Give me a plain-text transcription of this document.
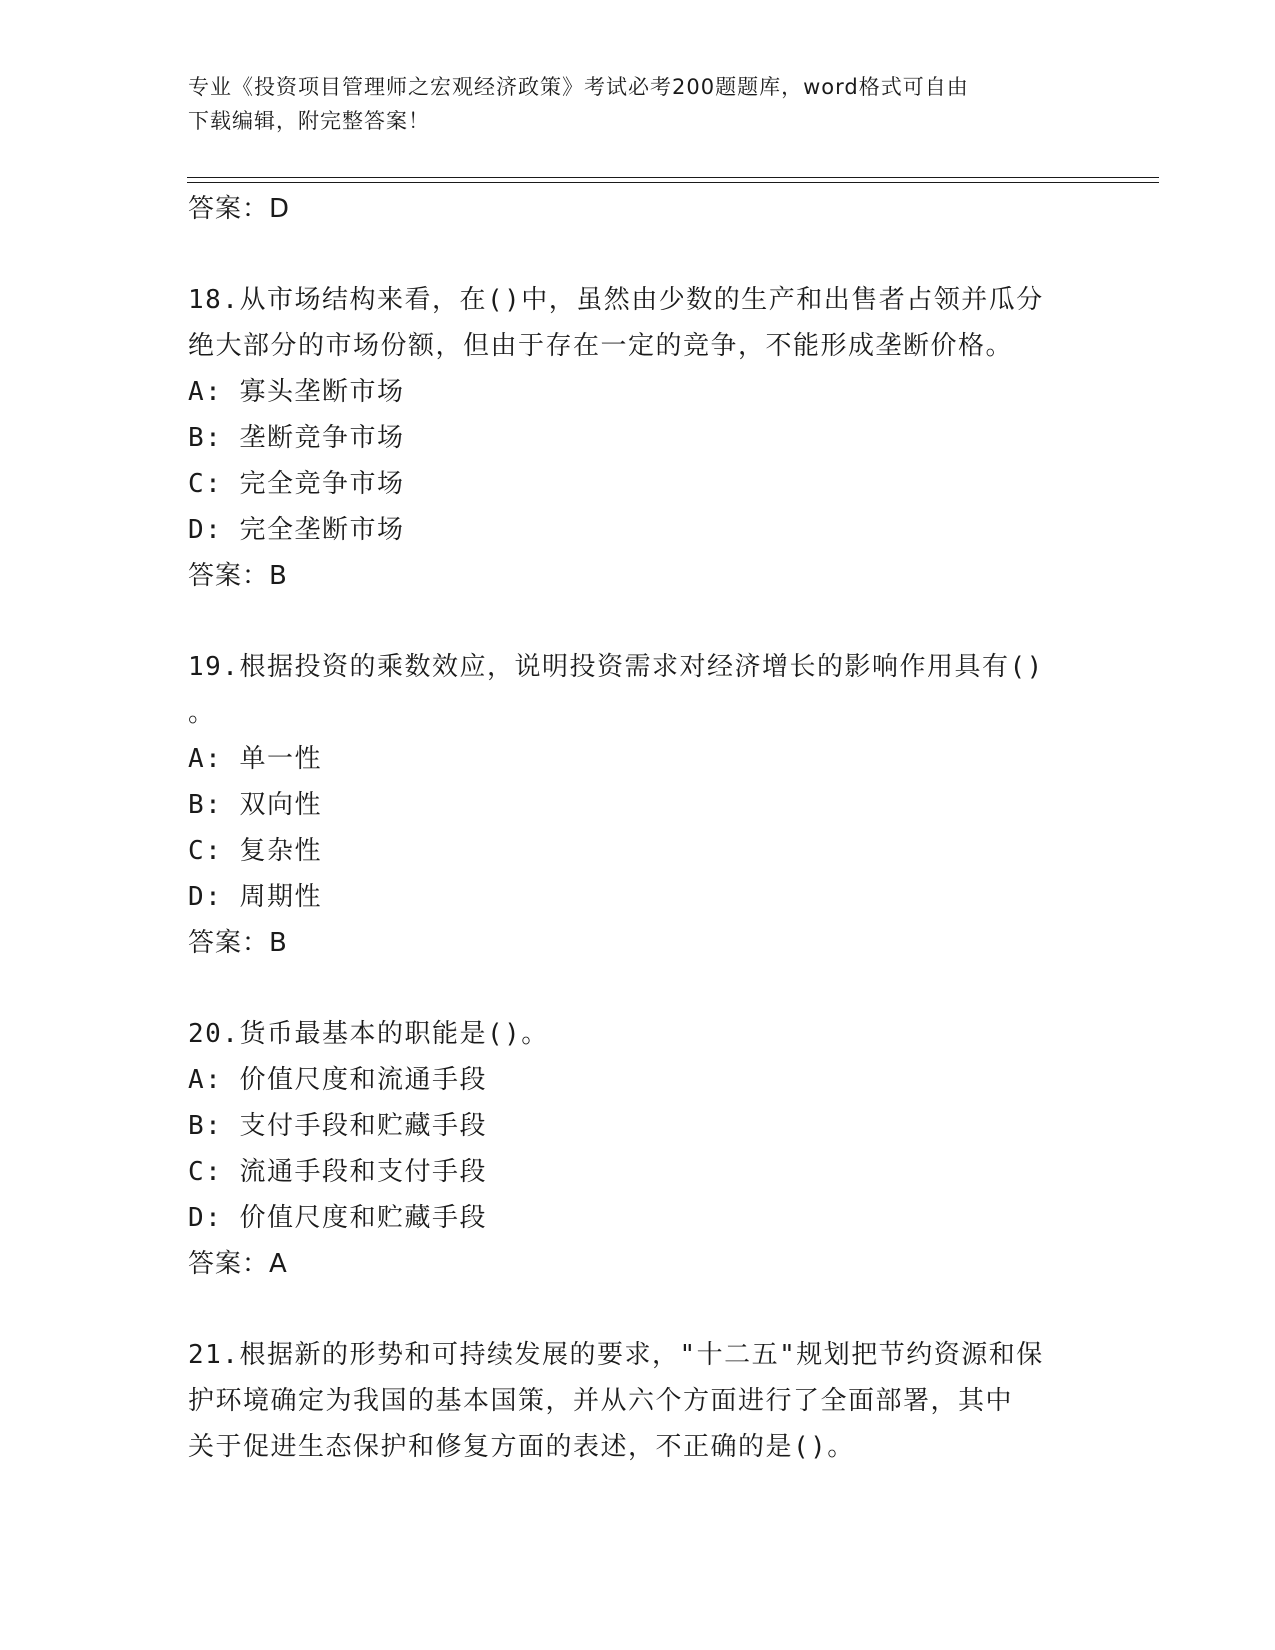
专业《投资项目管理师之宏观经济政策》考试必考200题题库，word格式可自由
下载编辑，附完整答案！
答案：D
18.从市场结构来看，在()中，虽然由少数的生产和出售者占领并瓜分
绝大部分的市场份额，但由于存在一定的竞争，不能形成垄断价格。
A: 寡头垄断市场
B: 垄断竞争市场
C: 完全竞争市场
D: 完全垄断市场
答案：B
19.根据投资的乘数效应，说明投资需求对经济增长的影响作用具有()
。
A: 单一性
B: 双向性
C: 复杂性
D: 周期性
答案：B
20.货币最基本的职能是()。
A: 价值尺度和流通手段
B: 支付手段和贮藏手段
C: 流通手段和支付手段
D: 价值尺度和贮藏手段
答案：A
21.根据新的形势和可持续发展的要求，"十二五"规划把节约资源和保
护环境确定为我国的基本国策，并从六个方面进行了全面部署，其中
关于促进生态保护和修复方面的表述，不正确的是()。
